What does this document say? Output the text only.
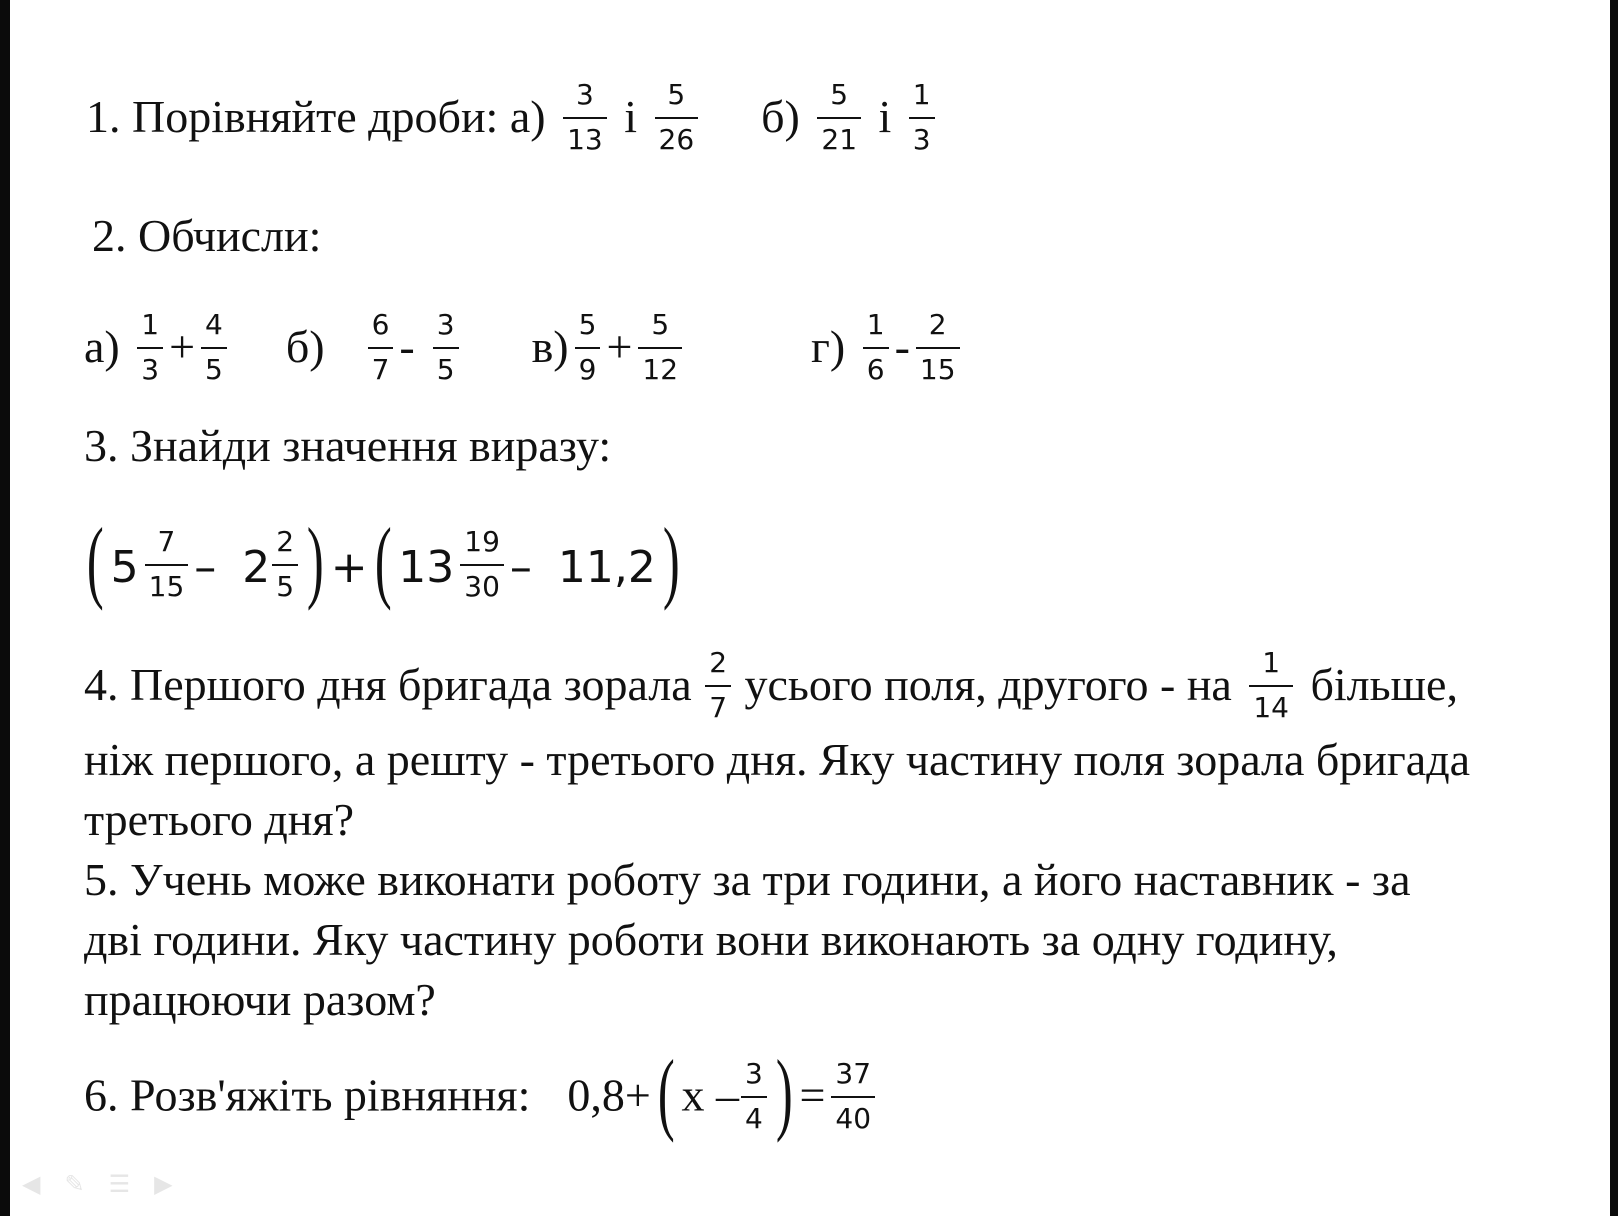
1. Порівняйте дроби: $а) \frac{3}{13}$ і $\frac{5}{26} б) \frac{5}{21}$ і $\frac{1}{3}$
2. Обчисли:
$а) \frac{1}{3} + \frac{4}{5} б) \frac{6}{7} - \frac{3}{5} в) \frac{5}{9} + \frac{5}{12}$	$г) \frac{1}{6} - \frac{2}{15}$
3. Знайди значення виразу:
( $5 \frac{7}{15} - 2 \frac{2}{5}$ ) +( $13 \frac{19}{30} - 11,2$)
4. Першого дня бригада зорала $\frac{2}{7}$ усього поля, другого - на $\frac{1}{14}$ більше,
ніж першого, а решту - третього дня. Яку частину поля зорала бригада
третього дня?
5. Учень може виконати роботу за три години, а його наставник - за
дві години. Яку частину роботи вони виконають за одну годину,
працюючи разом?
6. Розв'яжіть рівняння: 0,8+( x – $\frac{3}{4}$ ) = $\frac{37}{40}$
◀ ✎ ☰ ▶
